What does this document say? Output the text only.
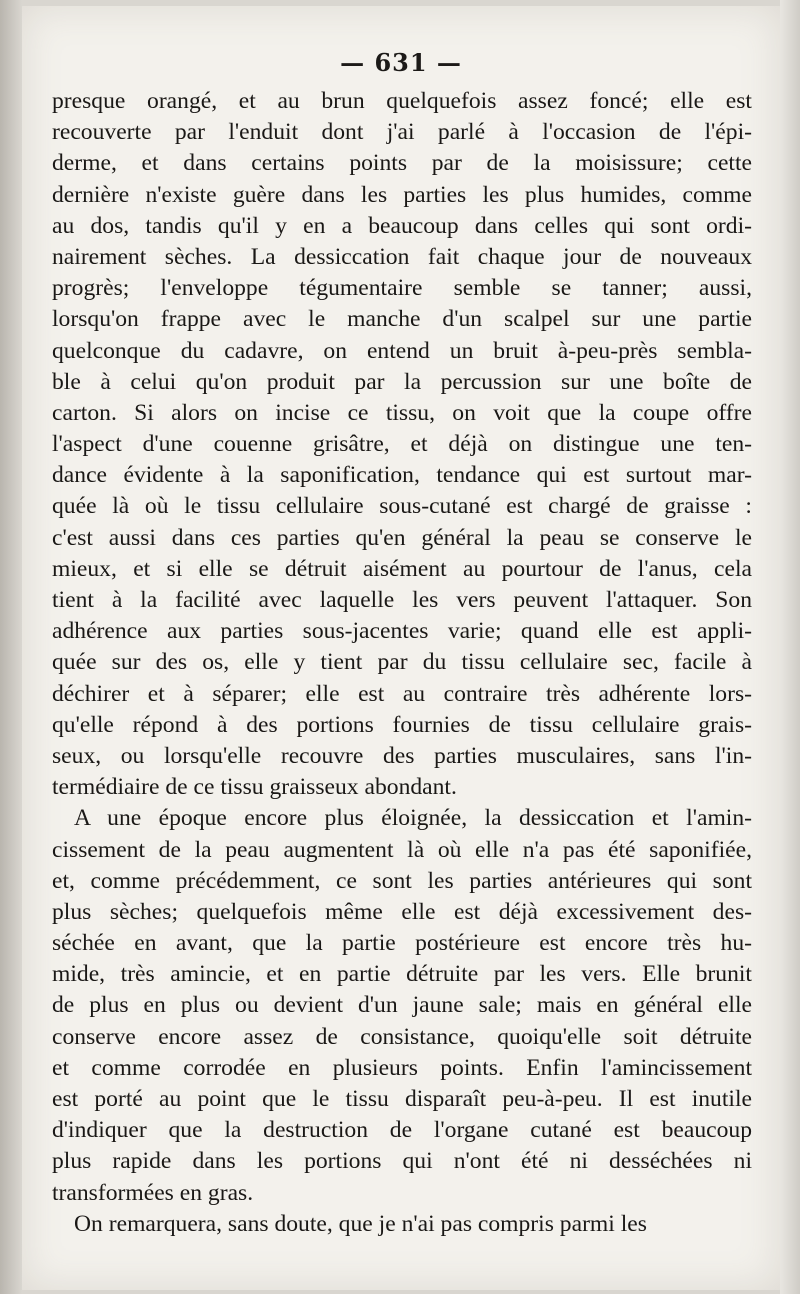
— 631 —
presque orangé, et au brun quelquefois assez foncé; elle est
recouverte par l'enduit dont j'ai parlé à l'occasion de l'épi-
derme, et dans certains points par de la moisissure; cette
dernière n'existe guère dans les parties les plus humides, comme
au dos, tandis qu'il y en a beaucoup dans celles qui sont ordi-
nairement sèches. La dessiccation fait chaque jour de nouveaux
progrès; l'enveloppe tégumentaire semble se tanner; aussi,
lorsqu'on frappe avec le manche d'un scalpel sur une partie
quelconque du cadavre, on entend un bruit à-peu-près sembla-
ble à celui qu'on produit par la percussion sur une boîte de
carton. Si alors on incise ce tissu, on voit que la coupe offre
l'aspect d'une couenne grisâtre, et déjà on distingue une ten-
dance évidente à la saponification, tendance qui est surtout mar-
quée là où le tissu cellulaire sous-cutané est chargé de graisse :
c'est aussi dans ces parties qu'en général la peau se conserve le
mieux, et si elle se détruit aisément au pourtour de l'anus, cela
tient à la facilité avec laquelle les vers peuvent l'attaquer. Son
adhérence aux parties sous-jacentes varie; quand elle est appli-
quée sur des os, elle y tient par du tissu cellulaire sec, facile à
déchirer et à séparer; elle est au contraire très adhérente lors-
qu'elle répond à des portions fournies de tissu cellulaire grais-
seux, ou lorsqu'elle recouvre des parties musculaires, sans l'in-
termédiaire de ce tissu graisseux abondant.
A une époque encore plus éloignée, la dessiccation et l'amin-
cissement de la peau augmentent là où elle n'a pas été saponifiée,
et, comme précédemment, ce sont les parties antérieures qui sont
plus sèches; quelquefois même elle est déjà excessivement des-
séchée en avant, que la partie postérieure est encore très hu-
mide, très amincie, et en partie détruite par les vers. Elle brunit
de plus en plus ou devient d'un jaune sale; mais en général elle
conserve encore assez de consistance, quoiqu'elle soit détruite
et comme corrodée en plusieurs points. Enfin l'amincissement
est porté au point que le tissu disparaît peu-à-peu. Il est inutile
d'indiquer que la destruction de l'organe cutané est beaucoup
plus rapide dans les portions qui n'ont été ni desséchées ni
transformées en gras.
On remarquera, sans doute, que je n'ai pas compris parmi les
